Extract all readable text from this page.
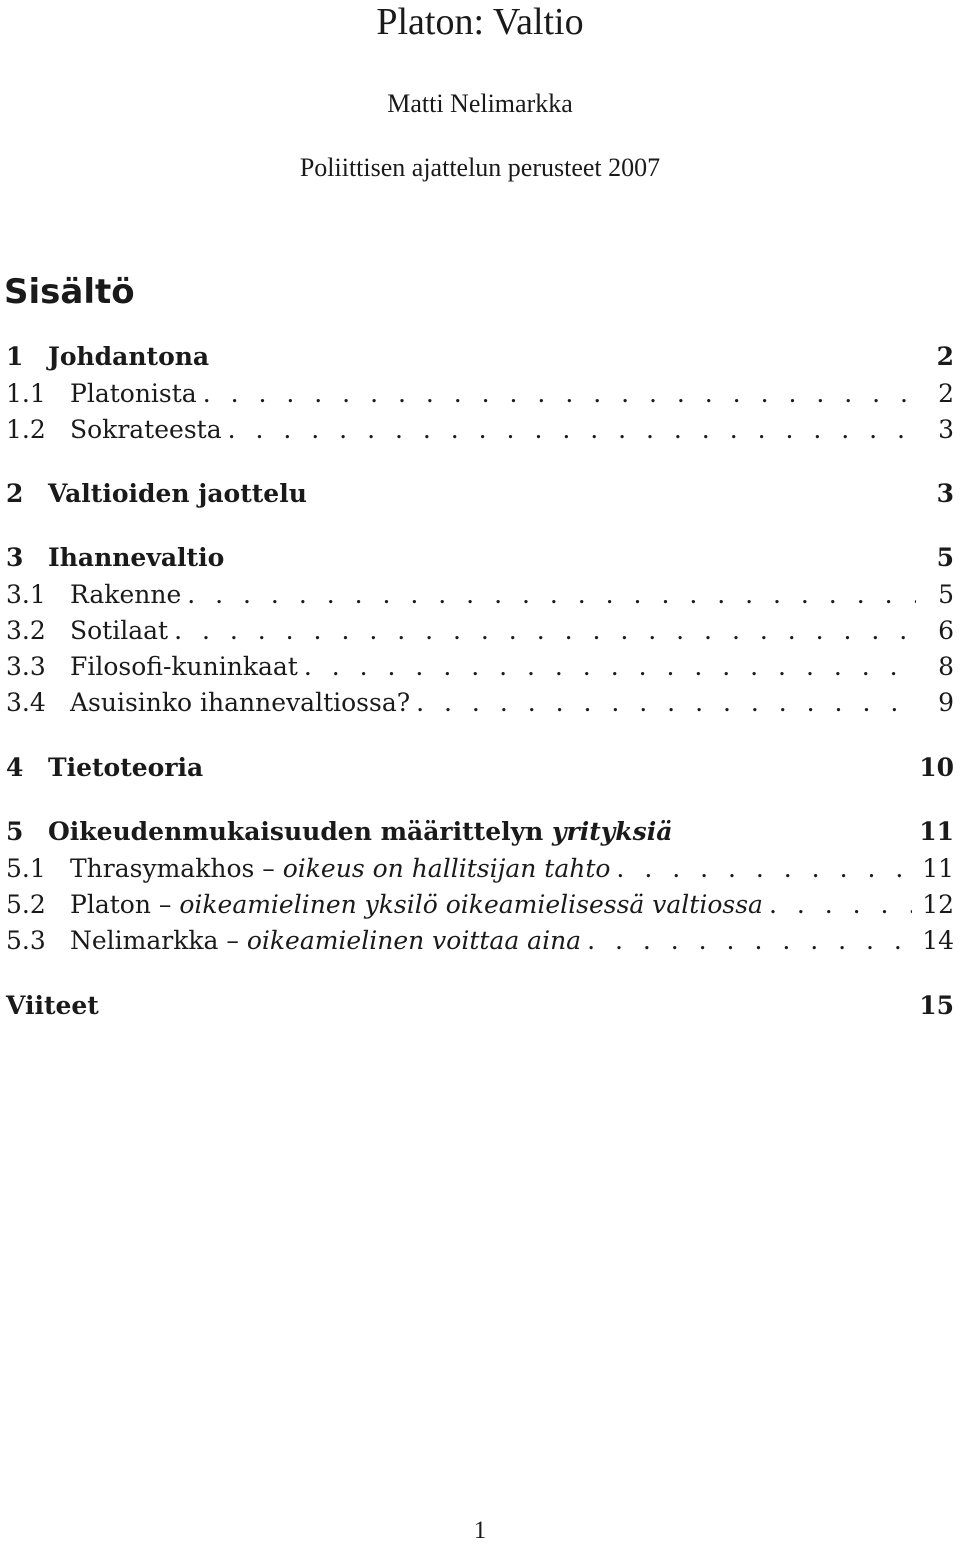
Platon: Valtio
Matti Nelimarkka
Poliittisen ajattelun perusteet 2007
Sisältö
1 Johdantona	2
1.1 Platonista . . .	2
1.2 Sokrateesta . . .	3
2 Valtioiden jaottelu	3
3 Ihannevaltio	5
3.1 Rakenne . . .	5
3.2 Sotilaat . . .	6
3.3 Filosofi-kuninkaat . . .	8
3.4 Asuisinko ihannevaltiossa? . . .	9
4 Tietoteoria	10
5 Oikeudenmukaisuuden määrittelyn yrityksiä	11
5.1 Thrasymakhos – oikeus on hallitsijan tahto . . .	11
5.2 Platon – oikeamielinen yksilö oikeamielisessä valtiossa . . .	12
5.3 Nelimarkka – oikeamielinen voittaa aina . . .	14
Viiteet	15
1
